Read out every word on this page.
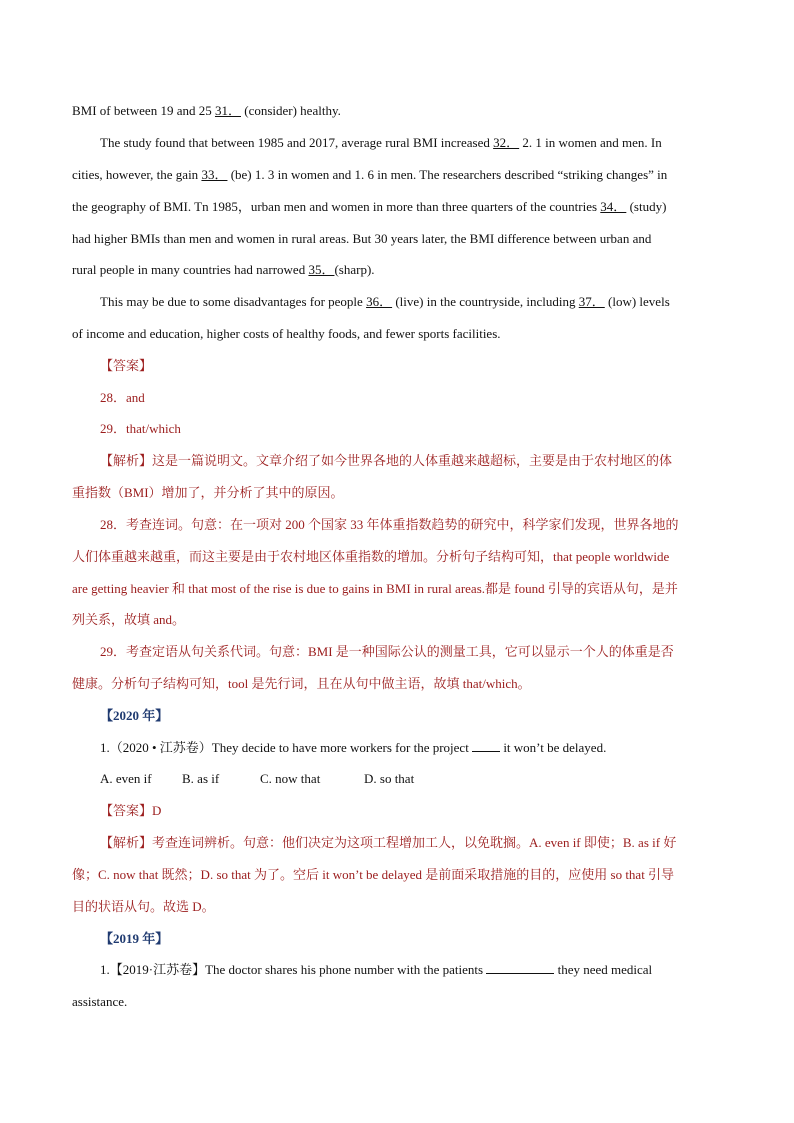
BMI of between 19 and 25 31． (consider) healthy.
The study found that between 1985 and 2017, average rural BMI increased 32． 2. 1 in women and men. In
cities, however, the gain 33． (be) 1. 3 in women and 1. 6 in men. The researchers described “striking changes” in
the geography of BMI. Tn 1985，urban men and women in more than three quarters of the countries 34． (study)
had higher BMIs than men and women in rural areas. But 30 years later, the BMI difference between urban and
rural people in many countries had narrowed 35．(sharp).
This may be due to some disadvantages for people 36． (live) in the countryside, including 37． (low) levels
of income and education, higher costs of healthy foods, and fewer sports facilities.
【答案】
28．and
29．that/which
【解析】这是一篇说明文。文章介绍了如今世界各地的人体重越来越超标，主要是由于农村地区的体
重指数（BMI）增加了，并分析了其中的原因。
28．考查连词。句意：在一项对 200 个国家 33 年体重指数趋势的研究中，科学家们发现，世界各地的
人们体重越来越重，而这主要是由于农村地区体重指数的增加。分析句子结构可知，that people worldwide
are getting heavier 和 that most of the rise is due to gains in BMI in rural areas.都是 found 引导的宾语从句，是并
列关系，故填 and。
29．考查定语从句关系代词。句意：BMI 是一种国际公认的测量工具，它可以显示一个人的体重是否
健康。分析句子结构可知，tool 是先行词，且在从句中做主语，故填 that/which。
【2020 年】
1.（2020 • 江苏卷）They decide to have more workers for the project  it won’t be delayed.
A. even if B. as if	C. now that	D. so that
【答案】D
【解析】考查连词辨析。句意：他们决定为这项工程增加工人，以免耽搁。A. even if 即使；B. as if 好
像；C. now that 既然；D. so that 为了。空后 it won’t be delayed 是前面采取措施的目的，应使用 so that 引导
目的状语从句。故选 D。
【2019 年】
1.【2019·江苏卷】The doctor shares his phone number with the patients	they need medical
assistance.
